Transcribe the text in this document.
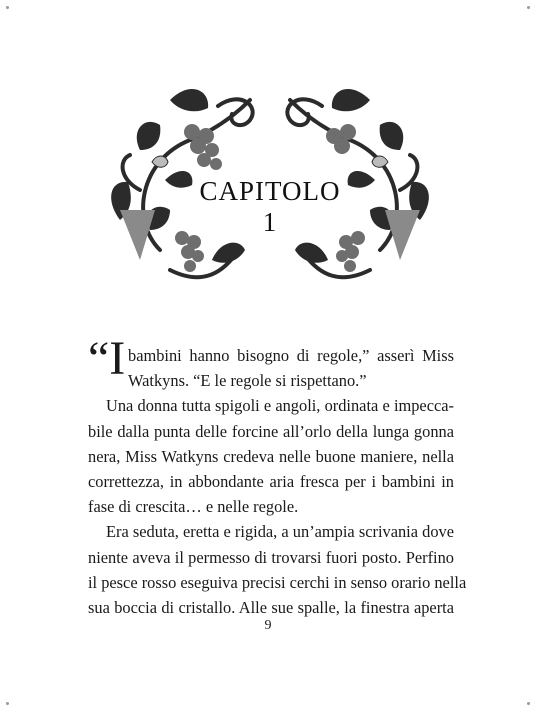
CAPITOLO 1
“I bambini hanno bisogno di regole,” asserì Miss
Watkyns. “E le regole si rispettano.”
Una donna tutta spigoli e angoli, ordinata e impecca-
bile dalla punta delle forcine all’orlo della lunga gonna
nera, Miss Watkyns credeva nelle buone maniere, nella
correttezza, in abbondante aria fresca per i bambini in
fase di crescita… e nelle regole.
Era seduta, eretta e rigida, a un’ampia scrivania dove
niente aveva il permesso di trovarsi fuori posto. Perfino
il pesce rosso eseguiva precisi cerchi in senso orario nella
sua boccia di cristallo. Alle sue spalle, la finestra aperta
9
